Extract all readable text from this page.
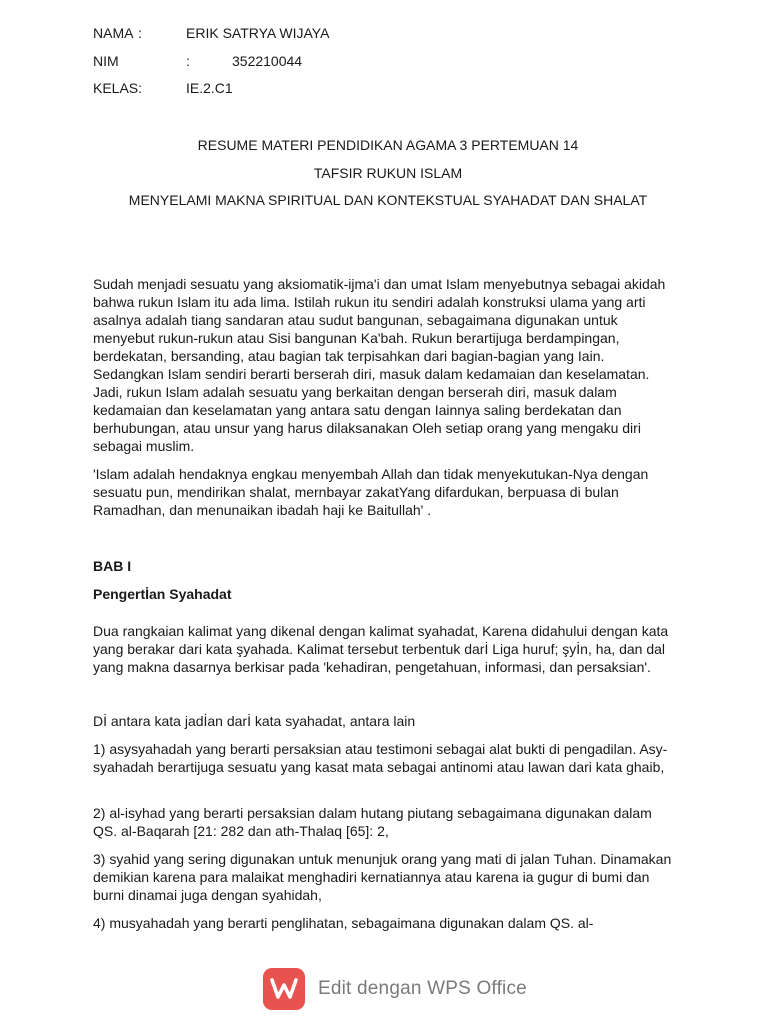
NAMA :	ERIK SATRYA WIJAYA
NIM	:	352210044
KELAS:	IE.2.C1
RESUME MATERI PENDIDIKAN AGAMA 3 PERTEMUAN 14
TAFSIR RUKUN ISLAM
MENYELAMI MAKNA SPIRITUAL DAN KONTEKSTUAL SYAHADAT DAN SHALAT

Sudah menjadi sesuatu yang aksiomatik-ijma'i dan umat Islam menyebutnya sebagai akidah bahwa rukun Islam itu ada lima. Istilah rukun itu sendiri adalah konstruksi ulama yang arti asalnya adalah tiang sandaran atau sudut bangunan, sebagaimana digunakan untuk menyebut rukun-rukun atau Sisi bangunan Ka'bah. Rukun berartijuga berdampingan, berdekatan, bersanding, atau bagian tak terpisahkan dari bagian-bagian yang Iain. Sedangkan Islam sendiri berarti berserah diri, masuk dalam kedamaian dan keselamatan. Jadi, rukun Islam adalah sesuatu yang berkaitan dengan berserah diri, masuk dalam kedamaian dan keselamatan yang antara satu dengan Iainnya saling berdekatan dan berhubungan, atau unsur yang harus dilaksanakan Oleh setiap orang yang mengaku diri sebagai muslim.

'Islam adalah hendaknya engkau menyembah Allah dan tidak menyekutukan-Nya dengan sesuatu pun, mendirikan shalat, mernbayar zakatYang difardukan, berpuasa di bulan Ramadhan, dan menunaikan ibadah haji ke Baitullah' .

BAB I

Pengertİan Syahadat

Dua rangkaian kalimat yang dikenal dengan kalimat syahadat, Karena didahului dengan kata yang berakar dari kata şyahada. Kalimat tersebut terbentuk darİ Liga huruf; şyİn, ha, dan dal yang makna dasarnya berkisar pada 'kehadiran, pengetahuan, informasi, dan persaksian'.

Dİ antara kata jadİan darİ kata syahadat, antara lain

1) asysyahadah yang berarti persaksian atau testimoni sebagai alat bukti di pengadilan. Asy-syahadah berartijuga sesuatu yang kasat mata sebagai antinomi atau lawan dari kata ghaib,

2) al-isyhad yang berarti persaksian dalam hutang piutang sebagaimana digunakan dalam QS. al-Baqarah [21: 282 dan ath-Thalaq [65]: 2,

3) syahid yang sering digunakan untuk menunjuk orang yang mati di jalan Tuhan. Dinamakan demikian karena para malaikat menghadiri kernatiannya atau karena ia gugur di bumi dan burni dinamai juga dengan syahidah,

4) musyahadah yang berarti penglihatan, sebagaimana digunakan dalam QS. al-

Edit dengan WPS Office
